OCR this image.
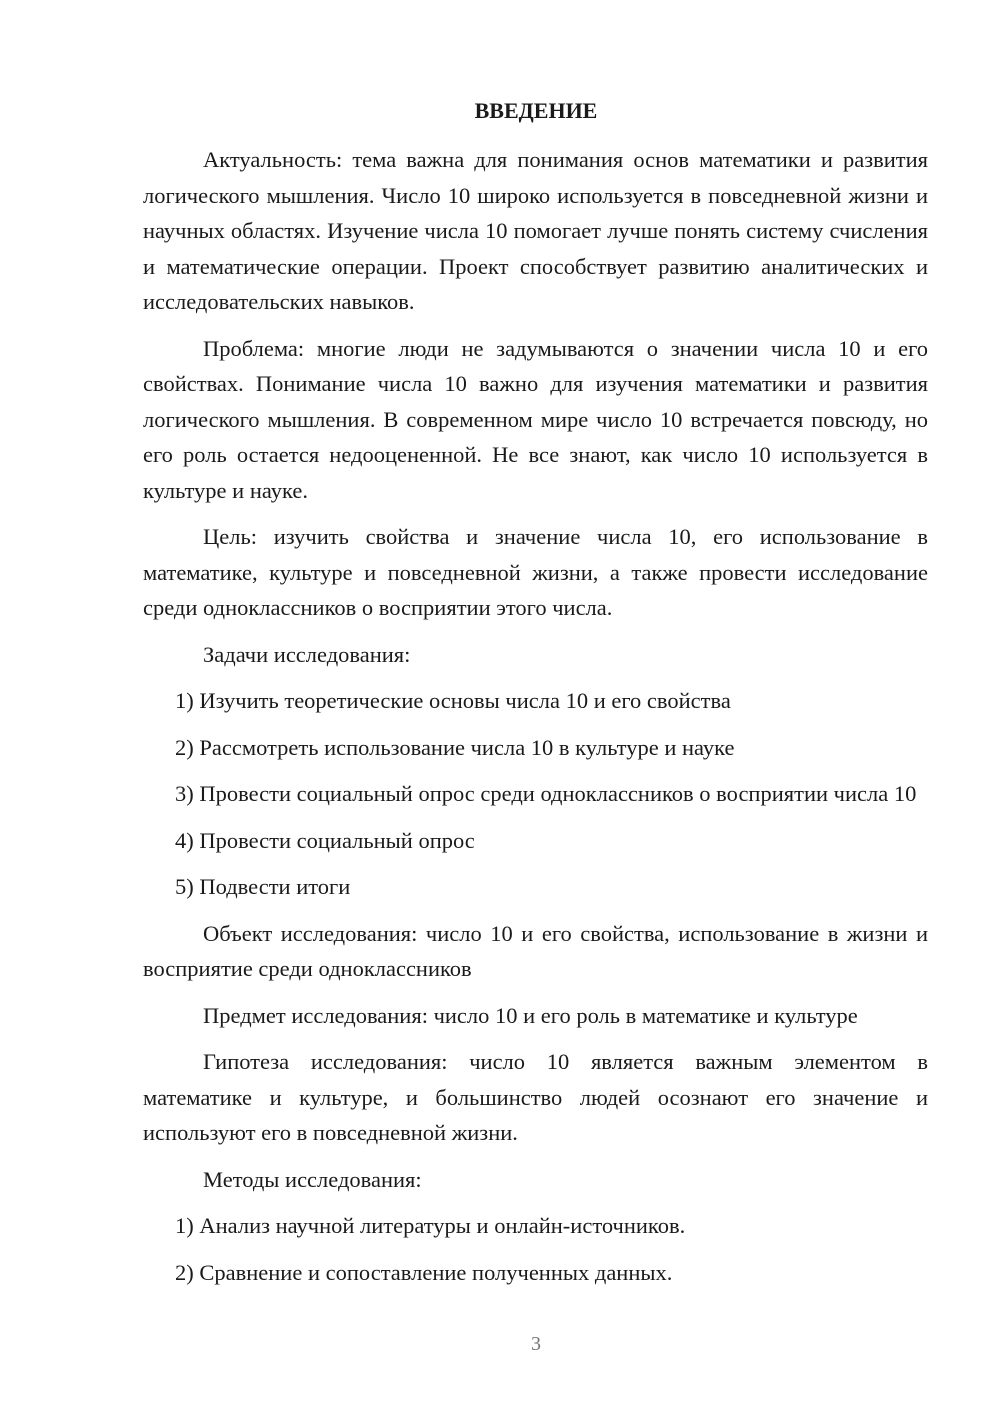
ВВЕДЕНИЕ

Актуальность: тема важна для понимания основ математики и развития логического мышления. Число 10 широко используется в повседневной жизни и научных областях. Изучение числа 10 помогает лучше понять систему счисления и математические операции. Проект способствует развитию аналитических и исследовательских навыков.

Проблема: многие люди не задумываются о значении числа 10 и его свойствах. Понимание числа 10 важно для изучения математики и развития логического мышления. В современном мире число 10 встречается повсюду, но его роль остается недооцененной. Не все знают, как число 10 используется в культуре и науке.

Цель: изучить свойства и значение числа 10, его использование в математике, культуре и повседневной жизни, а также провести исследование среди одноклассников о восприятии этого числа.

Задачи исследования:

1) Изучить теоретические основы числа 10 и его свойства

2) Рассмотреть использование числа 10 в культуре и науке

3) Провести социальный опрос среди одноклассников о восприятии числа 10

4) Провести социальный опрос

5) Подвести итоги

Объект исследования: число 10 и его свойства, использование в жизни и восприятие среди одноклассников

Предмет исследования: число 10 и его роль в математике и культуре

Гипотеза исследования: число 10 является важным элементом в математике и культуре, и большинство людей осознают его значение и используют его в повседневной жизни.

Методы исследования:

1) Анализ научной литературы и онлайн-источников.

2) Сравнение и сопоставление полученных данных.

3
